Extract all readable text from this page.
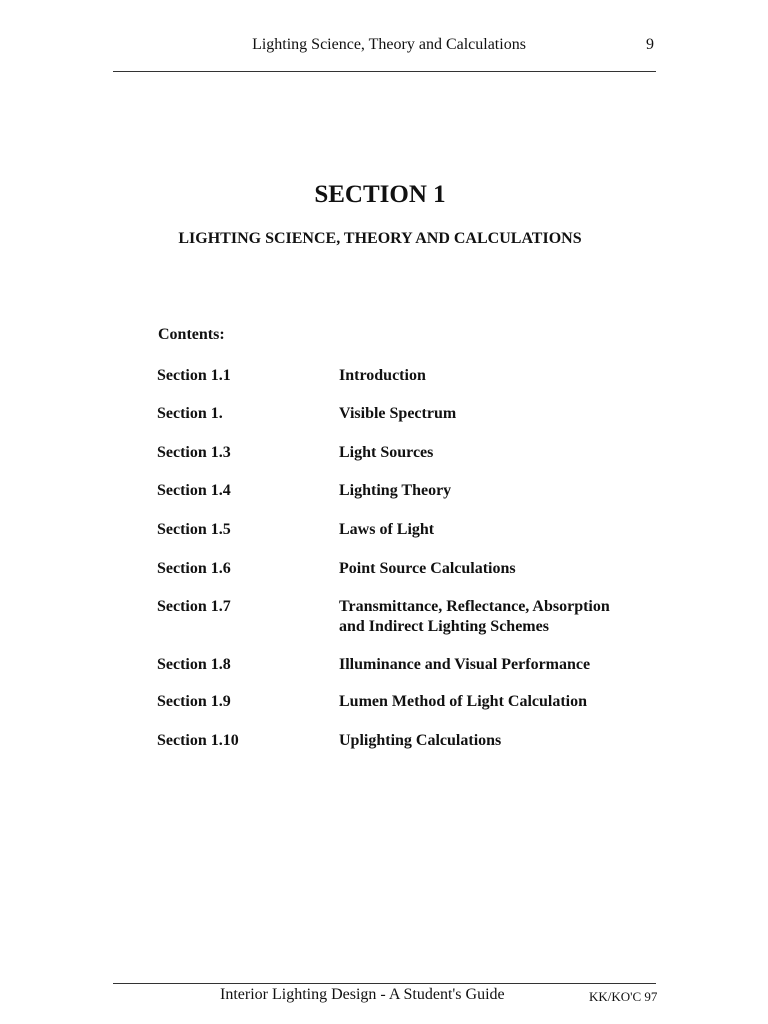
Lighting Science, Theory and Calculations	9
SECTION 1
LIGHTING SCIENCE, THEORY AND CALCULATIONS
Contents:
Section 1.1	Introduction
Section 1.	Visible Spectrum
Section 1.3	Light Sources
Section 1.4	Lighting Theory
Section 1.5	Laws of Light
Section 1.6	Point Source Calculations
Section 1.7	Transmittance, Reflectance, Absorption
and Indirect Lighting Schemes
Section 1.8	Illuminance and Visual Performance
Section 1.9	Lumen Method of Light Calculation
Section 1.10	Uplighting Calculations
Interior Lighting Design - A Student's Guide	KK/KO'C 97
